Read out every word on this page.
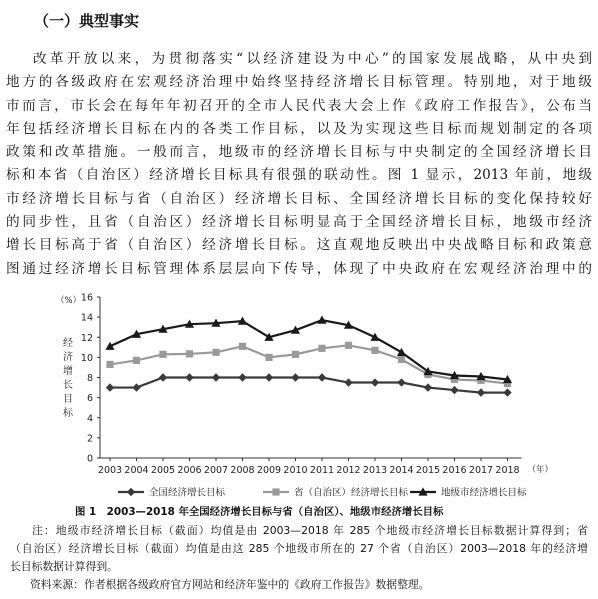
（一）典型事实
改革开放以来，为贯彻落实“以经济建设为中心”的国家发展战略，从中央到
地方的各级政府在宏观经济治理中始终坚持经济增长目标管理。特别地，对于地级
市而言，市长会在每年年初召开的全市人民代表大会上作《政府工作报告》，公布当
年包括经济增长目标在内的各类工作目标，以及为实现这些目标而规划制定的各项
政策和改革措施。一般而言，地级市的经济增长目标与中央制定的全国经济增长目
标和本省（自治区）经济增长目标具有很强的联动性。图 1 显示，2013 年前，地级
市经济增长目标与省（自治区）经济增长目标、全国经济增长目标的变化保持较好
的同步性，且省（自治区）经济增长目标明显高于全国经济增长目标，地级市经济
增长目标高于省（自治区）经济增长目标。这直观地反映出中央战略目标和政策意
图通过经济增长目标管理体系层层向下传导，体现了中央政府在宏观经济治理中的
0
2
4
6
8
10
12
14
16
（%）
经
济
增
长
目
标
2003 2004 2005 2006 2007 2008 2009 2010 2011 2012 2013 2014 2015 2016 2017 2018 （年）
全国经济增长目标	省（自治区）经济增长目标	地级市经济增长目标
图 1　2003—2018 年全国经济增长目标与省（自治区）、地级市经济增长目标
注：地级市经济增长目标（截面）均值是由 2003—2018 年 285 个地级市经济增长目标数据计算得到；省
（自治区）经济增长目标（截面）均值是由这 285 个地级市所在的 27 个省（自治区）2003—2018 年的经济增
长目标数据计算得到。
资料来源：作者根据各级政府官方网站和经济年鉴中的《政府工作报告》数据整理。
